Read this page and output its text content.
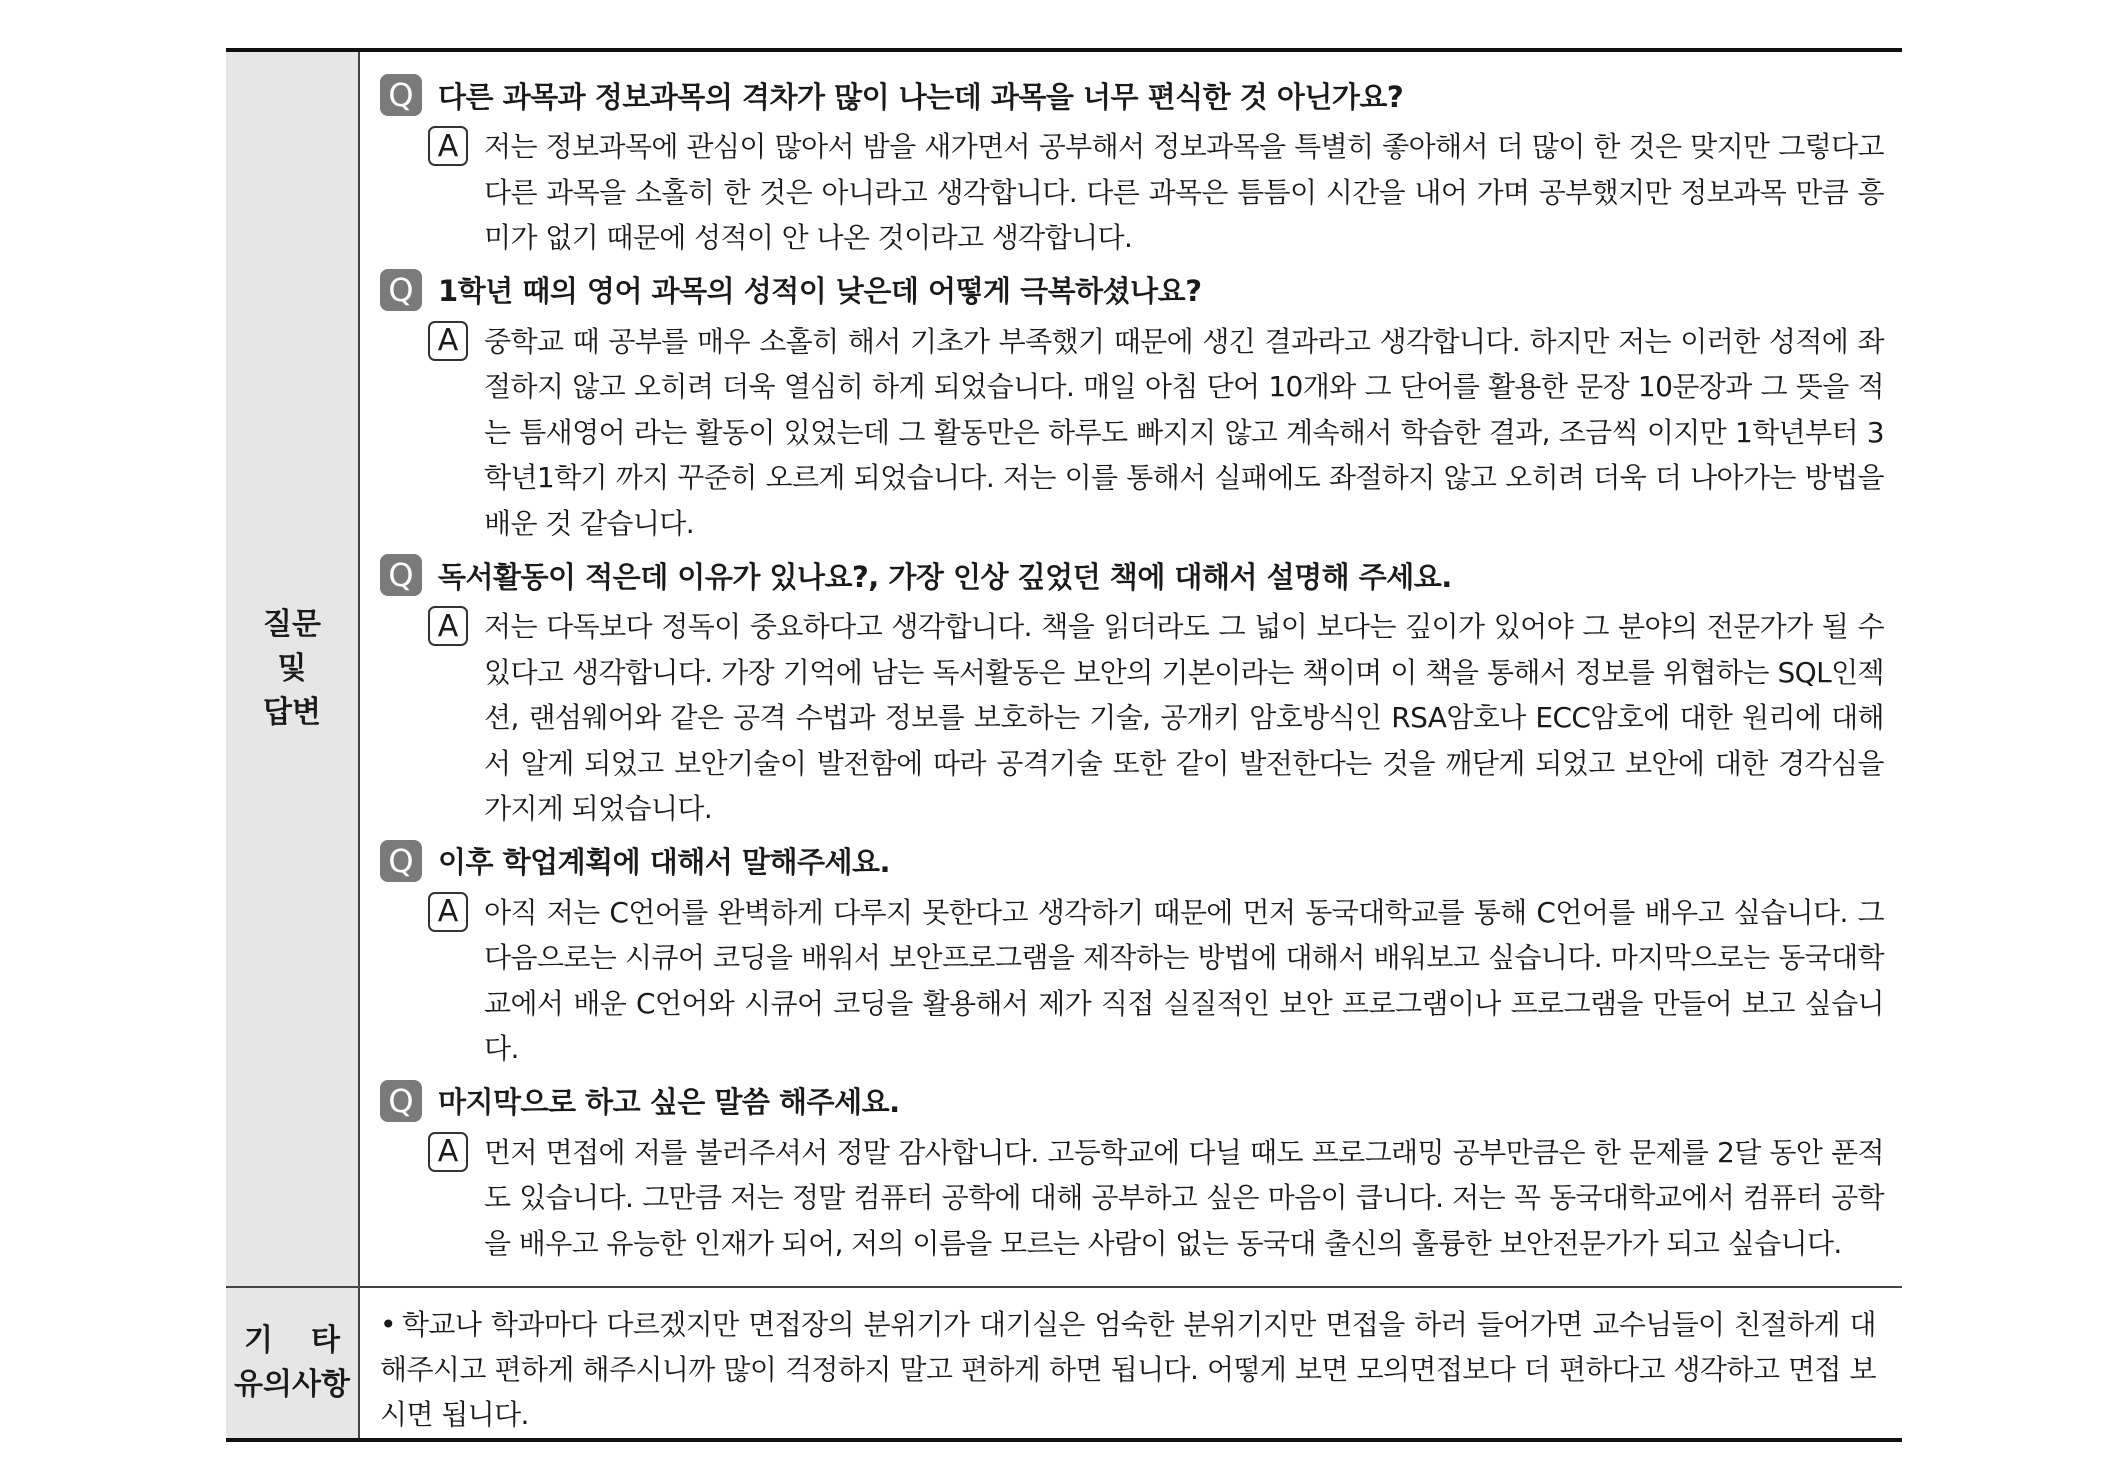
질문
및
답변
Q 다른 과목과 정보과목의 격차가 많이 나는데 과목을 너무 편식한 것 아닌가요?
A 저는 정보과목에 관심이 많아서 밤을 새가면서 공부해서 정보과목을 특별히 좋아해서 더 많이 한 것은 맞지만 그렇다고 다른 과목을 소홀히 한 것은 아니라고 생각합니다. 다른 과목은 틈틈이 시간을 내어 가며 공부했지만 정보과목 만큼 흥미가 없기 때문에 성적이 안 나온 것이라고 생각합니다.
Q 1학년 때의 영어 과목의 성적이 낮은데 어떻게 극복하셨나요?
A 중학교 때 공부를 매우 소홀히 해서 기초가 부족했기 때문에 생긴 결과라고 생각합니다. 하지만 저는 이러한 성적에 좌절하지 않고 오히려 더욱 열심히 하게 되었습니다. 매일 아침 단어 10개와 그 단어를 활용한 문장 10문장과 그 뜻을 적는 틈새영어 라는 활동이 있었는데 그 활동만은 하루도 빠지지 않고 계속해서 학습한 결과, 조금씩 이지만 1학년부터 3학년1학기 까지 꾸준히 오르게 되었습니다. 저는 이를 통해서 실패에도 좌절하지 않고 오히려 더욱 더 나아가는 방법을 배운 것 같습니다.
Q 독서활동이 적은데 이유가 있나요?, 가장 인상 깊었던 책에 대해서 설명해 주세요.
A 저는 다독보다 정독이 중요하다고 생각합니다. 책을 읽더라도 그 넓이 보다는 깊이가 있어야 그 분야의 전문가가 될 수 있다고 생각합니다. 가장 기억에 남는 독서활동은 보안의 기본이라는 책이며 이 책을 통해서 정보를 위협하는 SQL인젝션, 랜섬웨어와 같은 공격 수법과 정보를 보호하는 기술, 공개키 암호방식인 RSA암호나 ECC암호에 대한 원리에 대해서 알게 되었고 보안기술이 발전함에 따라 공격기술 또한 같이 발전한다는 것을 깨닫게 되었고 보안에 대한 경각심을 가지게 되었습니다.
Q 이후 학업계획에 대해서 말해주세요.
A 아직 저는 C언어를 완벽하게 다루지 못한다고 생각하기 때문에 먼저 동국대학교를 통해 C언어를 배우고 싶습니다. 그 다음으로는 시큐어 코딩을 배워서 보안프로그램을 제작하는 방법에 대해서 배워보고 싶습니다. 마지막으로는 동국대학교에서 배운 C언어와 시큐어 코딩을 활용해서 제가 직접 실질적인 보안 프로그램이나 프로그램을 만들어 보고 싶습니다.
Q 마지막으로 하고 싶은 말씀 해주세요.
A 먼저 면접에 저를 불러주셔서 정말 감사합니다. 고등학교에 다닐 때도 프로그래밍 공부만큼은 한 문제를 2달 동안 푼적도 있습니다. 그만큼 저는 정말 컴퓨터 공학에 대해 공부하고 싶은 마음이 큽니다. 저는 꼭 동국대학교에서 컴퓨터 공학을 배우고 유능한 인재가 되어, 저의 이름을 모르는 사람이 없는 동국대 출신의 훌륭한 보안전문가가 되고 싶습니다.
기 타
유의사항
• 학교나 학과마다 다르겠지만 면접장의 분위기가 대기실은 엄숙한 분위기지만 면접을 하러 들어가면 교수님들이 친절하게 대해주시고 편하게 해주시니까 많이 걱정하지 말고 편하게 하면 됩니다. 어떻게 보면 모의면접보다 더 편하다고 생각하고 면접 보시면 됩니다.
